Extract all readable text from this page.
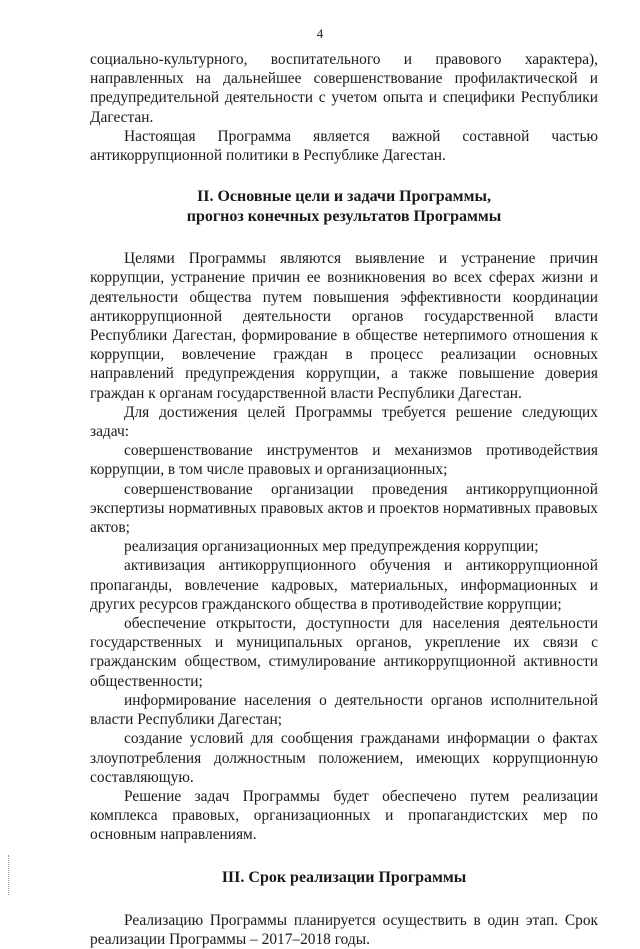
4

социально-культурного, воспитательного и правового характера), направленных на дальнейшее совершенствование профилактической и предупредительной деятельности с учетом опыта и специфики Республики Дагестан.

Настоящая Программа является важной составной частью антикоррупционной политики в Республике Дагестан.

II. Основные цели и задачи Программы,
прогноз конечных результатов Программы

Целями Программы являются выявление и устранение причин коррупции, устранение причин ее возникновения во всех сферах жизни и деятельности общества путем повышения эффективности координации антикоррупционной деятельности органов государственной власти Республики Дагестан, формирование в обществе нетерпимого отношения к коррупции, вовлечение граждан в процесс реализации основных направлений предупреждения коррупции, а также повышение доверия граждан к органам государственной власти Республики Дагестан.

Для достижения целей Программы требуется решение следующих задач:

совершенствование инструментов и механизмов противодействия коррупции, в том числе правовых и организационных;

совершенствование организации проведения антикоррупционной экспертизы нормативных правовых актов и проектов нормативных правовых актов;

реализация организационных мер предупреждения коррупции;

активизация антикоррупционного обучения и антикоррупционной пропаганды, вовлечение кадровых, материальных, информационных и других ресурсов гражданского общества в противодействие коррупции;

обеспечение открытости, доступности для населения деятельности государственных и муниципальных органов, укрепление их связи с гражданским обществом, стимулирование антикоррупционной активности общественности;

информирование населения о деятельности органов исполнительной власти Республики Дагестан;

создание условий для сообщения гражданами информации о фактах злоупотребления должностным положением, имеющих коррупционную составляющую.

Решение задач Программы будет обеспечено путем реализации комплекса правовых, организационных и пропагандистских мер по основным направлениям.

III. Срок реализации Программы

Реализацию Программы планируется осуществить в один этап. Срок реализации Программы – 2017–2018 годы.
